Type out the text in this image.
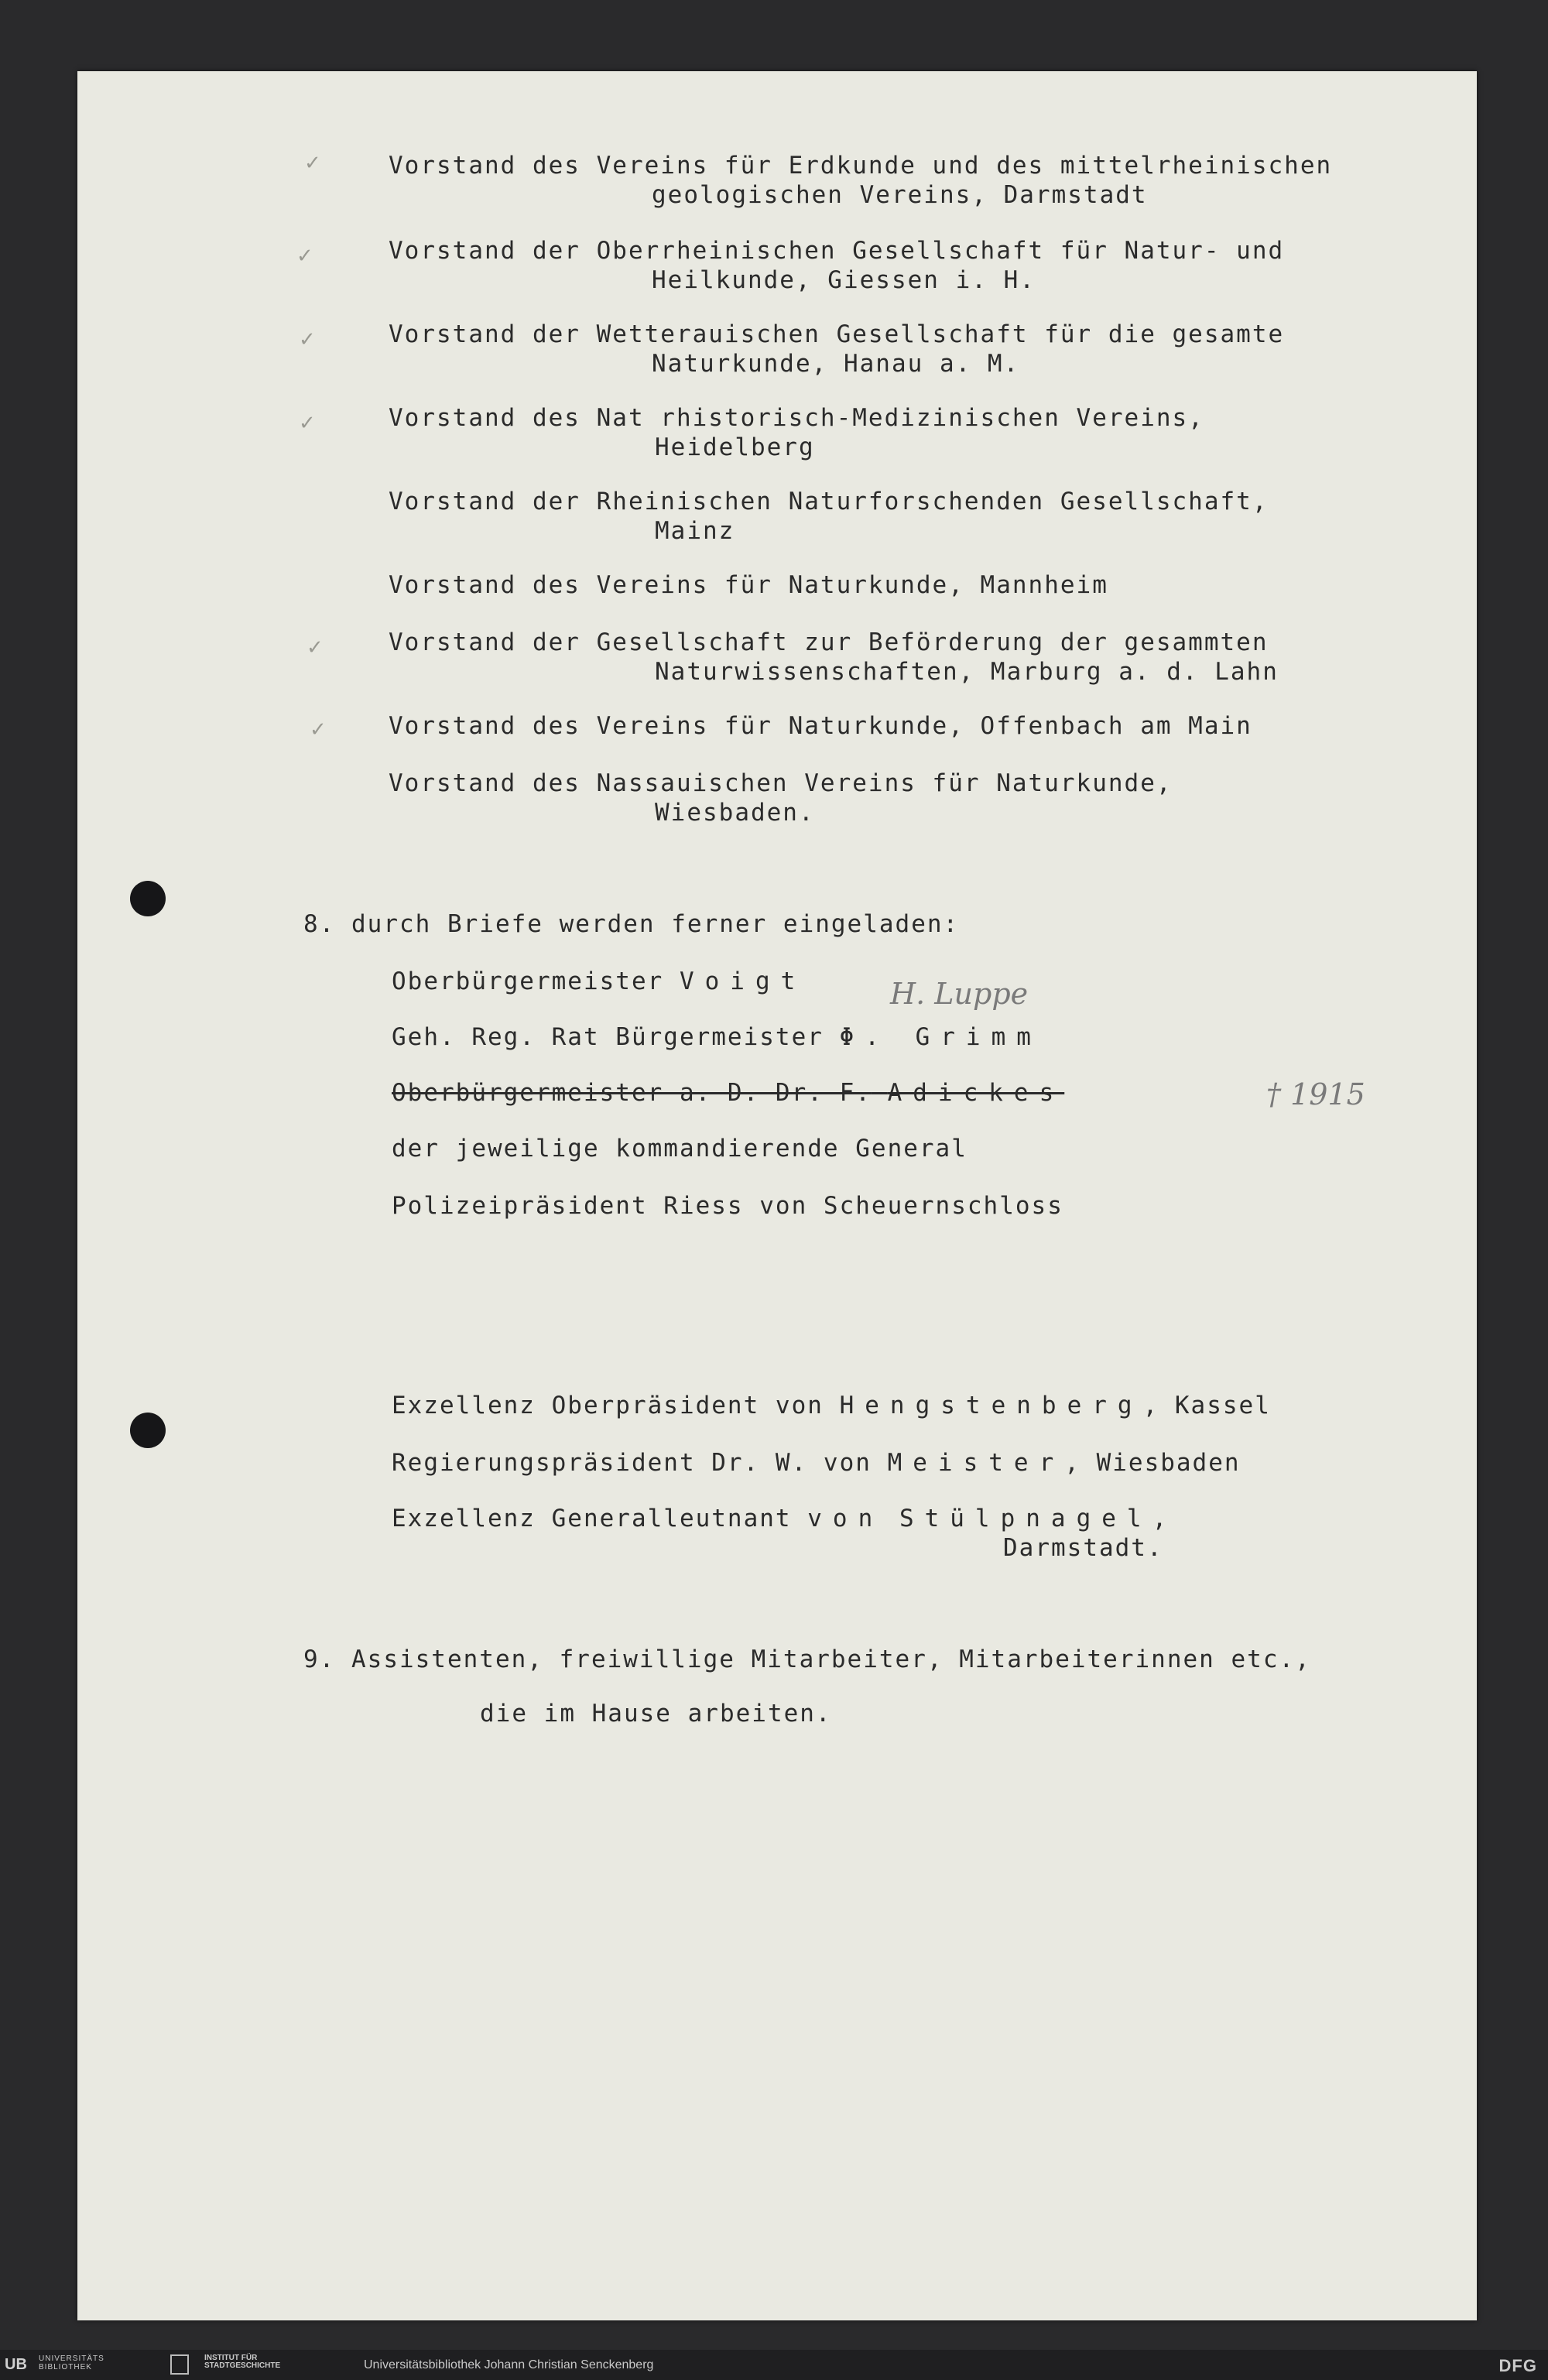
✓	Vorstand des Vereins für Erdkunde und des mittelrheinischen
geologischen Vereins, Darmstadt
✓	Vorstand der Oberrheinischen Gesellschaft für Natur- und
Heilkunde, Giessen i. H.
✓	Vorstand der Wetterauischen Gesellschaft für die gesamte
Naturkunde, Hanau a. M.
✓	Vorstand des Nat rhistorisch-Medizinischen Vereins,
Heidelberg
Vorstand der Rheinischen Naturforschenden Gesellschaft,
Mainz
Vorstand des Vereins für Naturkunde, Mannheim
✓	Vorstand der Gesellschaft zur Beförderung der gesammten
Naturwissenschaften, Marburg a. d. Lahn
✓	Vorstand des Vereins für Naturkunde, Offenbach am Main
Vorstand des Nassauischen Vereins für Naturkunde,
Wiesbaden.
8. durch Briefe werden ferner eingeladen:
Oberbürgermeister Voigt	H. Luppe
Geh. Reg. Rat Bürgermeister Φ. Grimm
Oberbürgermeister a. D. Dr. F. Adickes	† 1915
der jeweilige kommandierende General
Polizeipräsident Riess von Scheuernschloss
Exzellenz Oberpräsident von Hengstenberg, Kassel
Regierungspräsident Dr. W. von Meister, Wiesbaden
Exzellenz Generalleutnant von Stülpnagel,
Darmstadt.
9. Assistenten, freiwillige Mitarbeiter, Mitarbeiterinnen etc.,
die im Hause arbeiten.
UB UNIVERSITÄTS BIBLIOTHEK
INSTITUT FÜR STADTGESCHICHTE	Universitätsbibliothek Johann Christian Senckenberg	DFG
